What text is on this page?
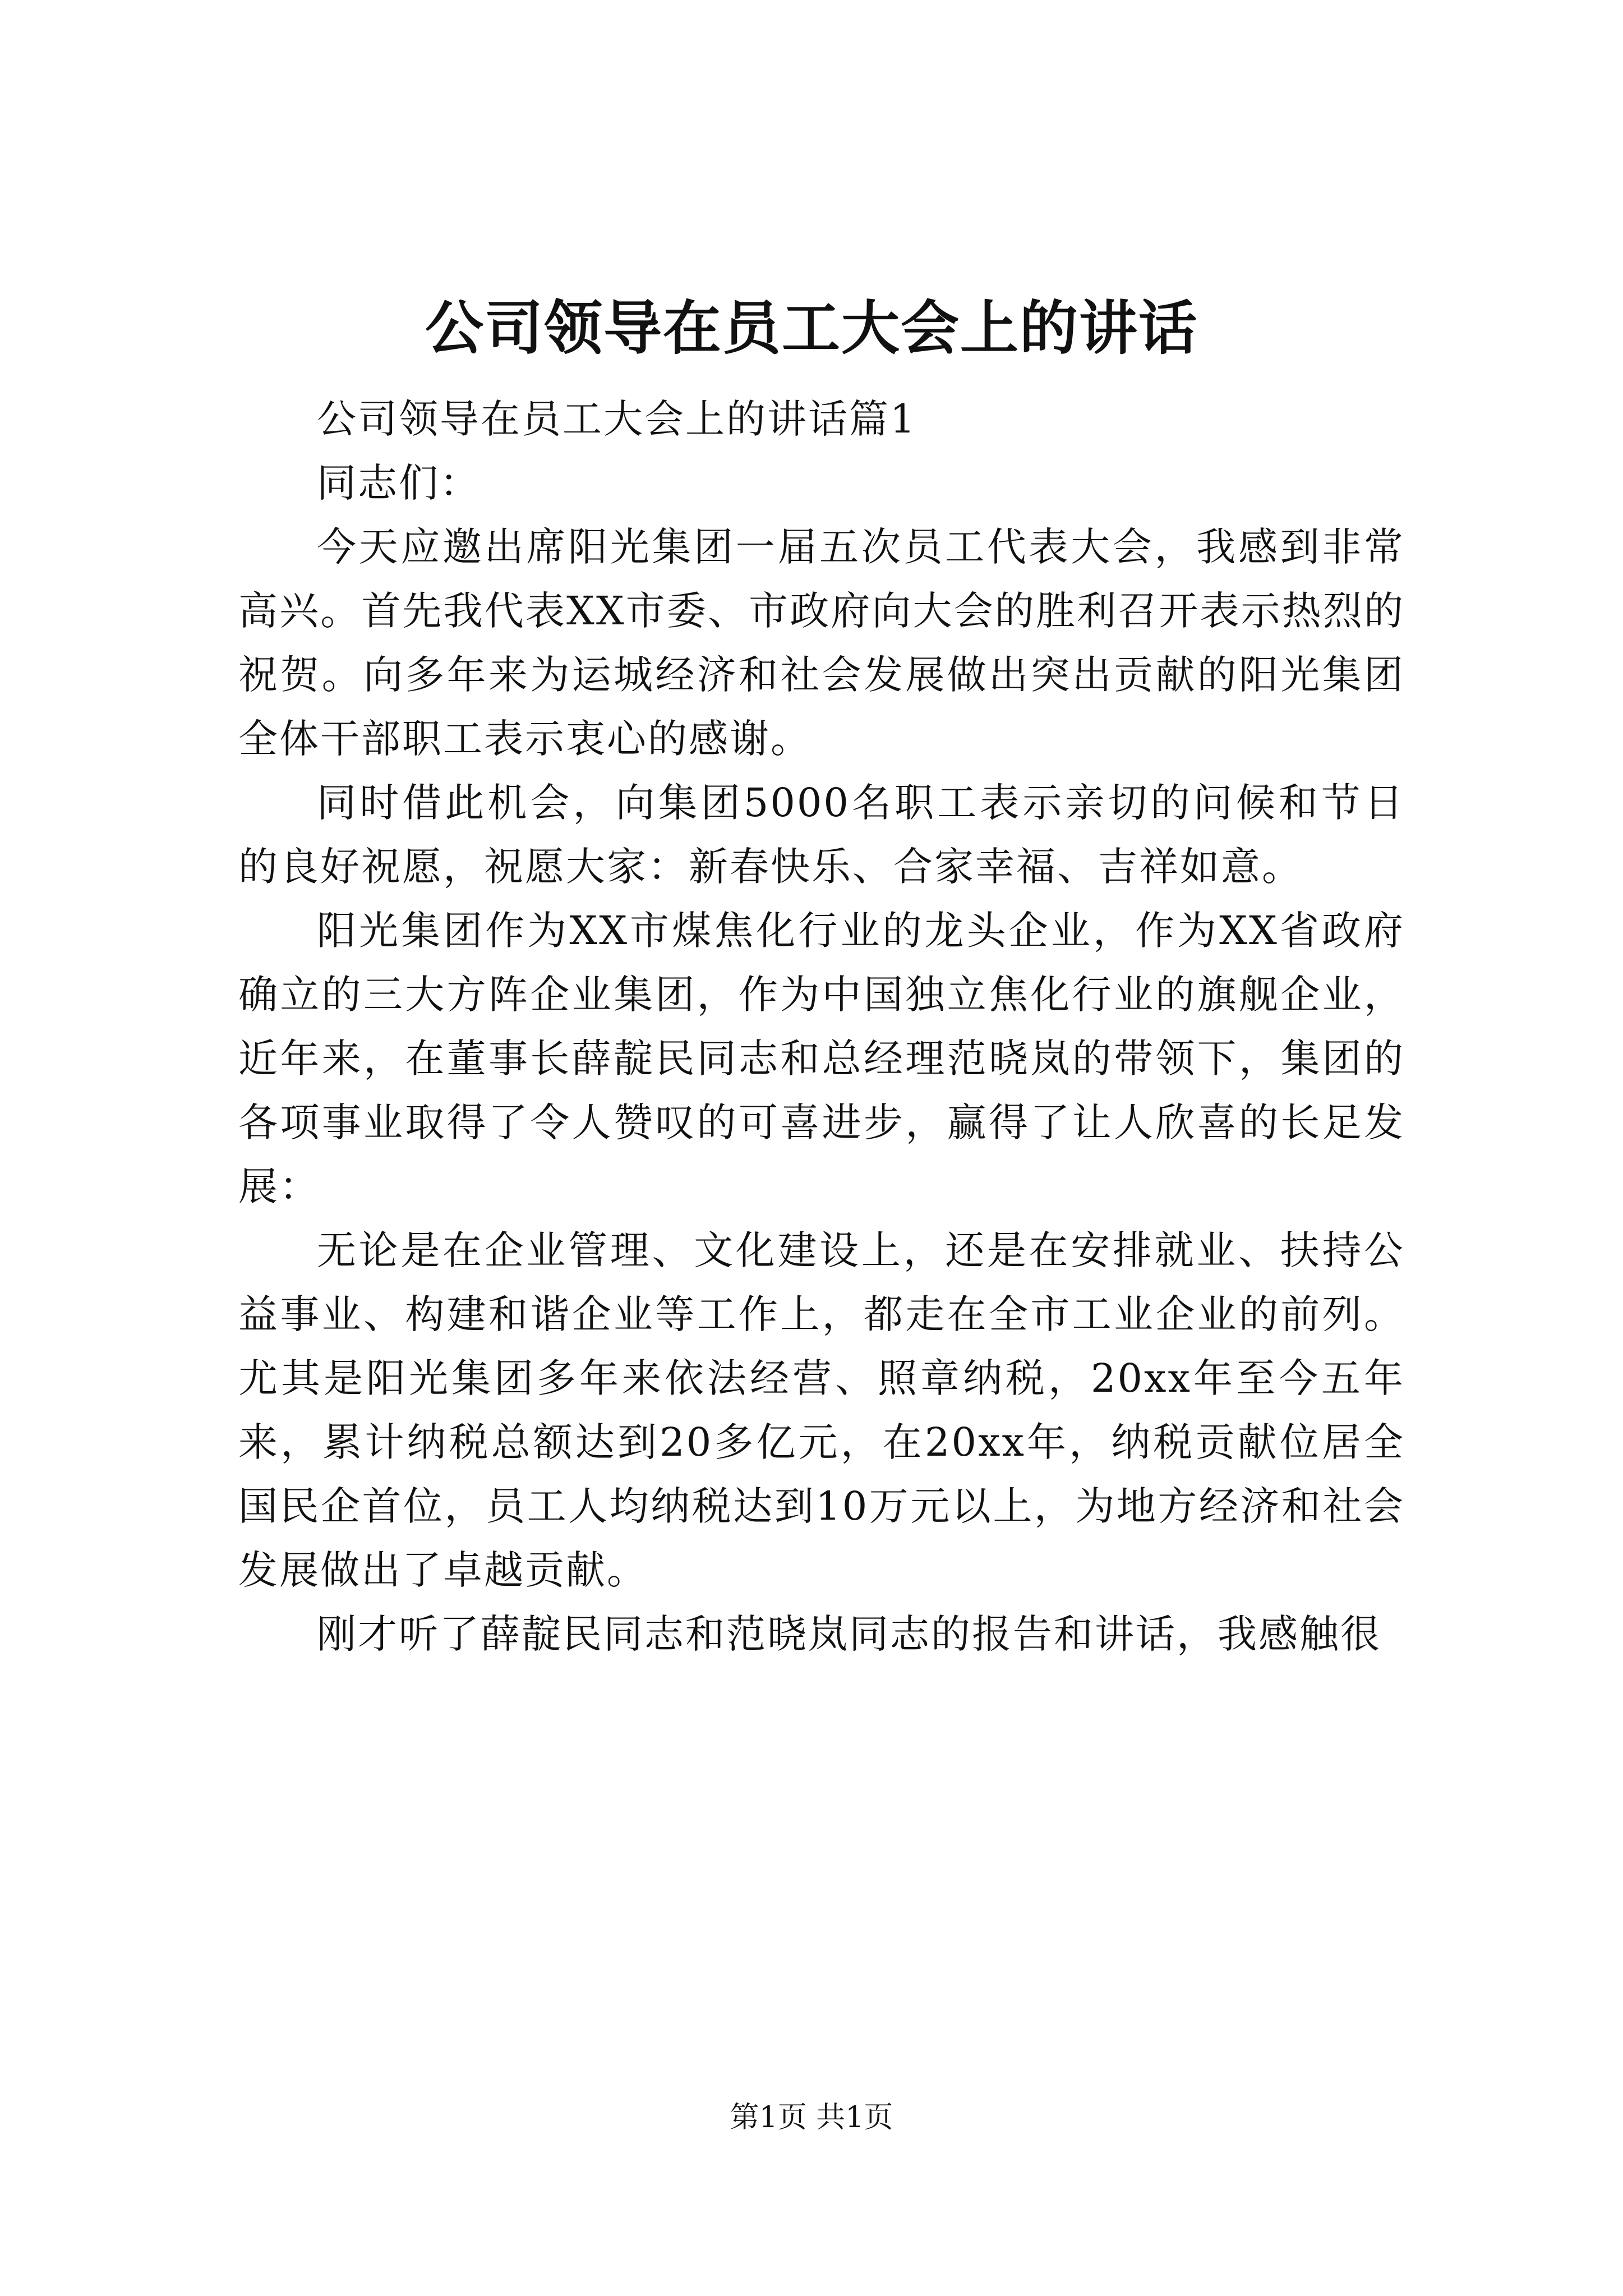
公司领导在员工大会上的讲话

公司领导在员工大会上的讲话篇1

同志们：

今天应邀出席阳光集团一届五次员工代表大会，我感到非常高兴。首先我代表XX市委、市政府向大会的胜利召开表示热烈的祝贺。向多年来为运城经济和社会发展做出突出贡献的阳光集团全体干部职工表示衷心的感谢。

同时借此机会，向集团5000名职工表示亲切的问候和节日的良好祝愿，祝愿大家：新春快乐、合家幸福、吉祥如意。

阳光集团作为XX市煤焦化行业的龙头企业，作为XX省政府确立的三大方阵企业集团，作为中国独立焦化行业的旗舰企业，近年来，在董事长薛靛民同志和总经理范晓岚的带领下，集团的各项事业取得了令人赞叹的可喜进步，赢得了让人欣喜的长足发展：

无论是在企业管理、文化建设上，还是在安排就业、扶持公益事业、构建和谐企业等工作上，都走在全市工业企业的前列。尤其是阳光集团多年来依法经营、照章纳税，20xx年至今五年来，累计纳税总额达到20多亿元，在20xx年，纳税贡献位居全国民企首位，员工人均纳税达到10万元以上，为地方经济和社会发展做出了卓越贡献。

刚才听了薛靛民同志和范晓岚同志的报告和讲话，我感触很

第1页 共1页
